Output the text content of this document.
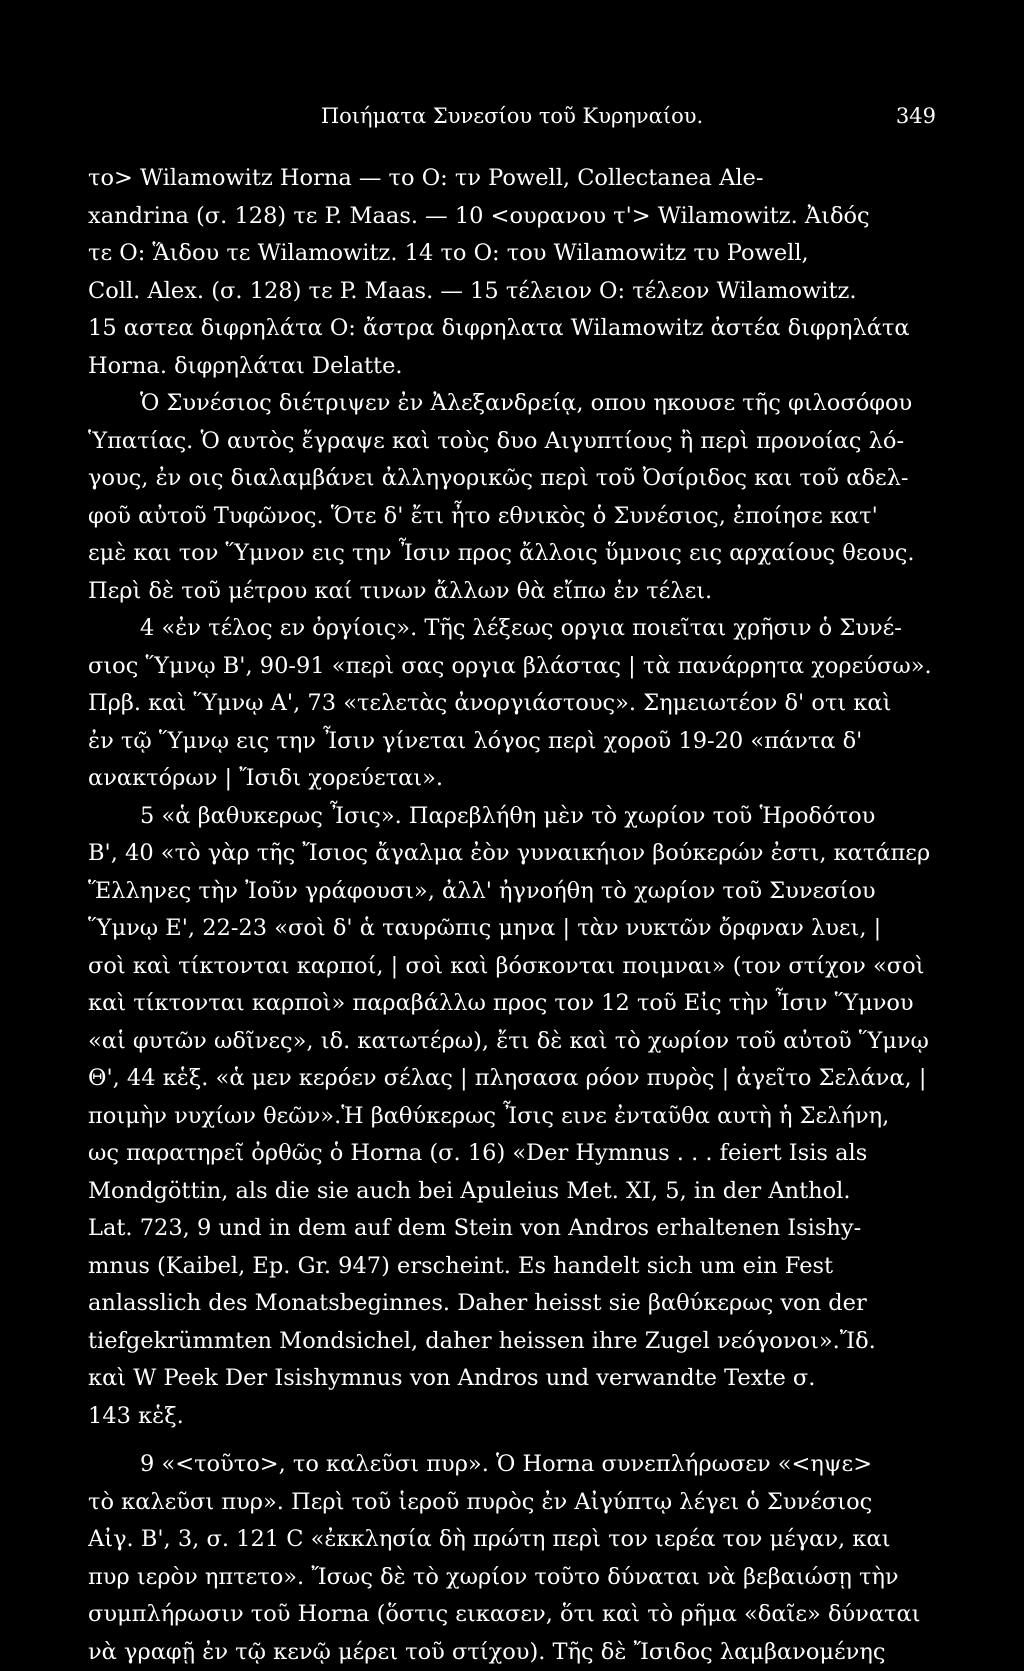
Ποιήματα Συνεσίου τοῦ Κυρηναίου.	349
το> Wilamowitz Horna — το O: τν Powell, Collectanea Ale-
xandrina (σ. 128) τε P. Maas. — 10 <ουρανου τ'> Wilamowitz. Ἀιδός
τε O: Ἅιδου τε Wilamowitz. 14 το O: του Wilamowitz τυ Powell,
Coll. Alex. (σ. 128) τε P. Maas. — 15 τέλειον O: τέλεον Wilamowitz.
15 αστεα διφρηλάτα O: ἄστρα διφρηλατα Wilamowitz ἀστέα διφρηλάτα
Horna. διφρηλάται Delatte.
Ὁ Συνέσιος διέτριψεν ἐν Ἀλεξανδρείᾳ, οπου ηκουσε τῆς φιλοσόφου
Ὑπατίας. Ὁ αυτὸς ἔγραψε καὶ τοὺς δυο Αιγυπτίους ἢ περὶ προνοίας λό-
γους, ἐν οις διαλαμβάνει ἀλληγορικῶς περὶ τοῦ Ὀσίριδος και τοῦ αδελ-
φοῦ αὐτοῦ Τυφῶνος. Ὅτε δ' ἔτι ἦτο εθνικὸς ὁ Συνέσιος, ἐποίησε κατ'
εμὲ και τον Ὕμνον εις την Ἶσιν προς ἄλλοις ὕμνοις εις αρχαίους θεους.
Περὶ δὲ τοῦ μέτρου καί τινων ἄλλων θὰ εἴπω ἐν τέλει.
4 «ἐν τέλος εν ὀργίοις». Τῆς λέξεως οργια ποιεῖται χρῆσιν ὁ Συνέ-
σιος Ὕμνῳ Β', 90-91 «περὶ σας οργια βλάστας | τὰ πανάρρητα χορεύσω».
Πρβ. καὶ Ὕμνῳ Α', 73 «τελετὰς ἀνοργιάστους». Σημειωτέον δ' οτι καὶ
ἐν τῷ Ὕμνῳ εις την Ἶσιν γίνεται λόγος περὶ χοροῦ 19-20 «πάντα δ'
ανακτόρων | Ἴσιδι χορεύεται».
5 «ἁ βαθυκερως Ἶσις». Παρεβλήθη μὲν τὸ χωρίον τοῦ Ἡροδότου
Β', 40 «τὸ γὰρ τῆς Ἴσιος ἄγαλμα ἐὸν γυναικήιον βούκερών ἐστι, κατάπερ
Ἕλληνες τὴν Ἰοῦν γράφουσι», ἀλλ' ἠγνοήθη τὸ χωρίον τοῦ Συνεσίου
Ὕμνῳ Ε', 22-23 «σοὶ δ' ἁ ταυρῶπις μηνα | τὰν νυκτῶν ὄρφναν λυει, |
σοὶ καὶ τίκτονται καρποί, | σοὶ καὶ βόσκονται ποιμναι» (τον στίχον «σοὶ
καὶ τίκτονται καρποὶ» παραβάλλω προς τον 12 τοῦ Εἰς τὴν Ἶσιν Ὕμνου
«αἱ φυτῶν ωδῖνες», ιδ. κατωτέρω), ἔτι δὲ καὶ τὸ χωρίον τοῦ αὐτοῦ Ὕμνῳ
Θ', 44 κἑξ. «ἁ μεν κερόεν σέλας | πλησασα ρόον πυρὸς | ἀγεῖτο Σελάνα, |
ποιμὴν νυχίων θεῶν».Ἡ βαθύκερως Ἶσις εινε ἐνταῦθα αυτὴ ἡ Σελήνη,
ως παρατηρεῖ ὀρθῶς ὁ Horna (σ. 16) «Der Hymnus . . . feiert Isis als
Mondgöttin, als die sie auch bei Apuleius Met. XI, 5, in der Anthol.
Lat. 723, 9 und in dem auf dem Stein von Andros erhaltenen Isishy-
mnus (Kaibel, Ep. Gr. 947) erscheint. Es handelt sich um ein Fest
anlasslich des Monatsbeginnes. Daher heisst sie βαθύκερως von der
tiefgekrümmten Mondsichel, daher heissen ihre Zugel νεόγονοι».Ἴδ.
καὶ W Peek Der Isishymnus von Andros und verwandte Texte σ.
143 κἑξ.
9 «<τοῦτο>, το καλεῦσι πυρ». Ὁ Horna συνεπλήρωσεν «<ηψε>
τὸ καλεῦσι πυρ». Περὶ τοῦ ἱεροῦ πυρὸς ἐν Αἰγύπτῳ λέγει ὁ Συνέσιος
Αἰγ. Β', 3, σ. 121 C «ἐκκλησία δὴ πρώτη περὶ τον ιερέα τον μέγαν, και
πυρ ιερὸν ηπτετο». Ἴσως δὲ τὸ χωρίον τοῦτο δύναται νὰ βεβαιώσῃ τὴν
συμπλήρωσιν τοῦ Horna (ὅστις εικασεν, ὅτι καὶ τὸ ρῆμα «δαῖε» δύναται
νὰ γραφῇ ἐν τῷ κενῷ μέρει τοῦ στίχου). Τῆς δὲ Ἴσιδος λαμβανομένης
